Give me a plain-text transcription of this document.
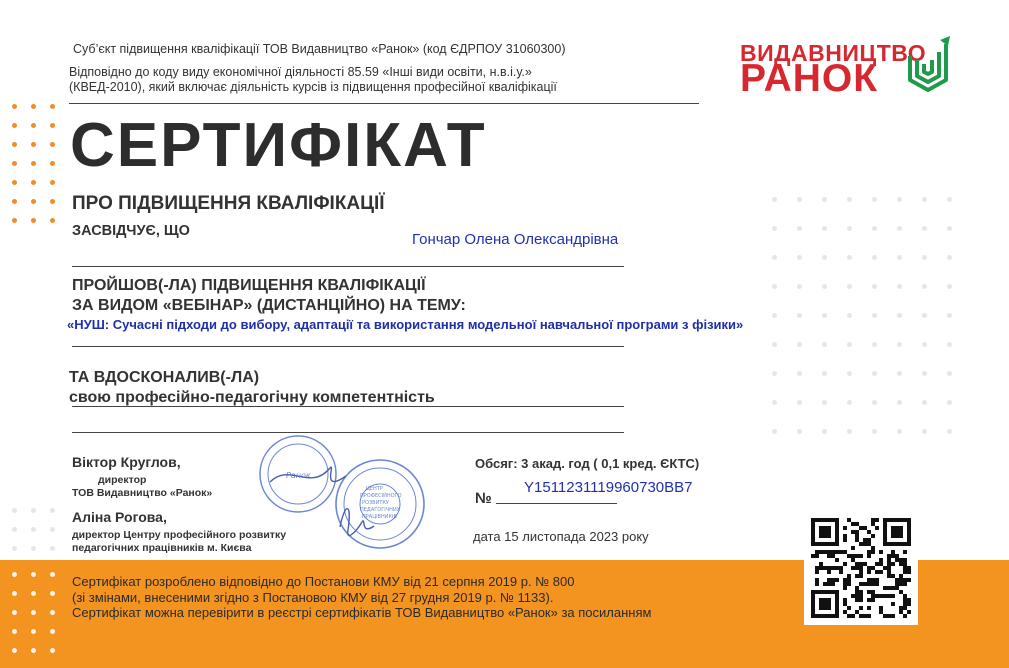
Суб’єкт підвищення кваліфікації ТОВ Видавництво «Ранок» (код ЄДРПОУ 31060300)
Відповідно до коду виду економічної діяльності 85.59 «Інші види освіти, н.в.і.у.»
(КВЕД-2010), який включає діяльність курсів із підвищення професійної кваліфікації
ВИДАВНИЦТВО
РАНОК
СЕРТИФІКАТ
ПРО ПІДВИЩЕННЯ КВАЛІФІКАЦІЇ
ЗАСВІДЧУЄ, ЩО	Гончар Олена Олександрівна
ПРОЙШОВ(-ЛА) ПІДВИЩЕННЯ КВАЛІФІКАЦІЇ
ЗА ВИДОМ «ВЕБІНАР» (ДИСТАНЦІЙНО) НА ТЕМУ:
«НУШ: Сучасні підходи до вибору, адаптації та використання модельної навчальної програми з фізики»
ТА ВДОСКОНАЛИВ(-ЛА)
свою професійно-педагогічну компетентність
Віктор Круглов,
директор
ТОВ Видавництво «Ранок»
Аліна Рогова,
директор Центру професійного розвитку
педагогічних працівників м. Києва
Ранок
ЦЕНТР
ПРОФЕСІЙНОГО
РОЗВИТКУ
ПЕДАГОГІЧНИХ
ПРАЦІВНИКІВ
Обсяг: 3 акад. год ( 0,1 кред. ЄКТС)
№
Y1511231119960730BB7
дата 15 листопада 2023 року
Сертифікат розроблено відповідно до Постанови КМУ від 21 серпня 2019 р. № 800
(зі змінами, внесеними згідно з Постановою КМУ від 27 грудня 2019 р. № 1133).
Сертифікат можна перевірити в реєстрі сертифікатів ТОВ Видавництво «Ранок» за посиланням
